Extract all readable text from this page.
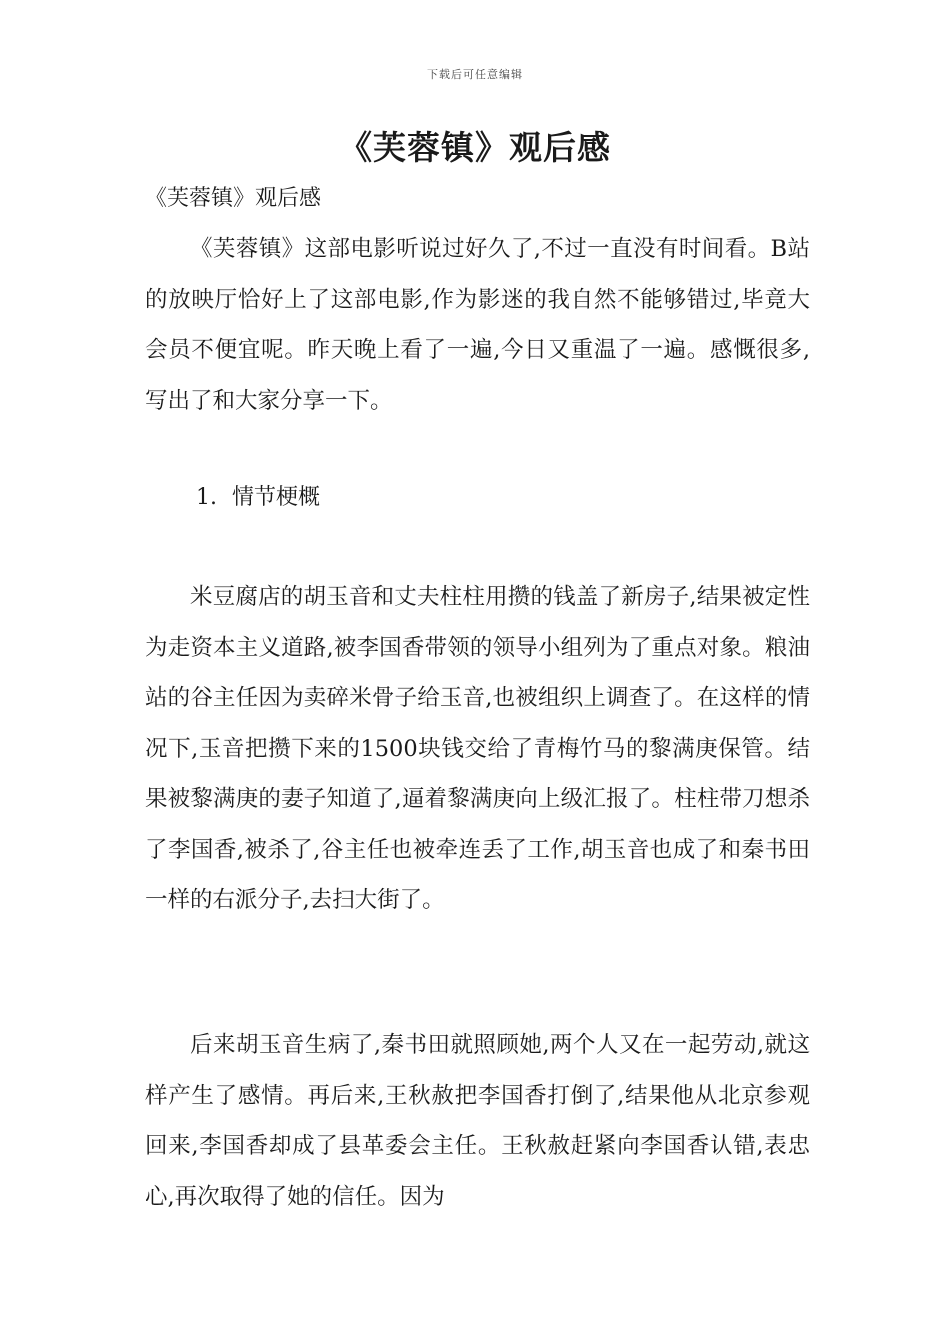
下载后可任意编辑
《芙蓉镇》观后感

《芙蓉镇》观后感

《芙蓉镇》这部电影听说过好久了,不过一直没有时间看。B站的放映厅恰好上了这部电影,作为影迷的我自然不能够错过,毕竟大会员不便宜呢。昨天晚上看了一遍,今日又重温了一遍。感慨很多,写出了和大家分享一下。

1. 情节梗概

米豆腐店的胡玉音和丈夫柱柱用攒的钱盖了新房子,结果被定性为走资本主义道路,被李国香带领的领导小组列为了重点对象。粮油站的谷主任因为卖碎米骨子给玉音,也被组织上调查了。在这样的情况下,玉音把攒下来的1500块钱交给了青梅竹马的黎满庚保管。结果被黎满庚的妻子知道了,逼着黎满庚向上级汇报了。柱柱带刀想杀了李国香,被杀了,谷主任也被牵连丢了工作,胡玉音也成了和秦书田一样的右派分子,去扫大街了。

后来胡玉音生病了,秦书田就照顾她,两个人又在一起劳动,就这样产生了感情。再后来,王秋赦把李国香打倒了,结果他从北京参观回来,李国香却成了县革委会主任。王秋赦赶紧向李国香认错,表忠心,再次取得了她的信任。因为
